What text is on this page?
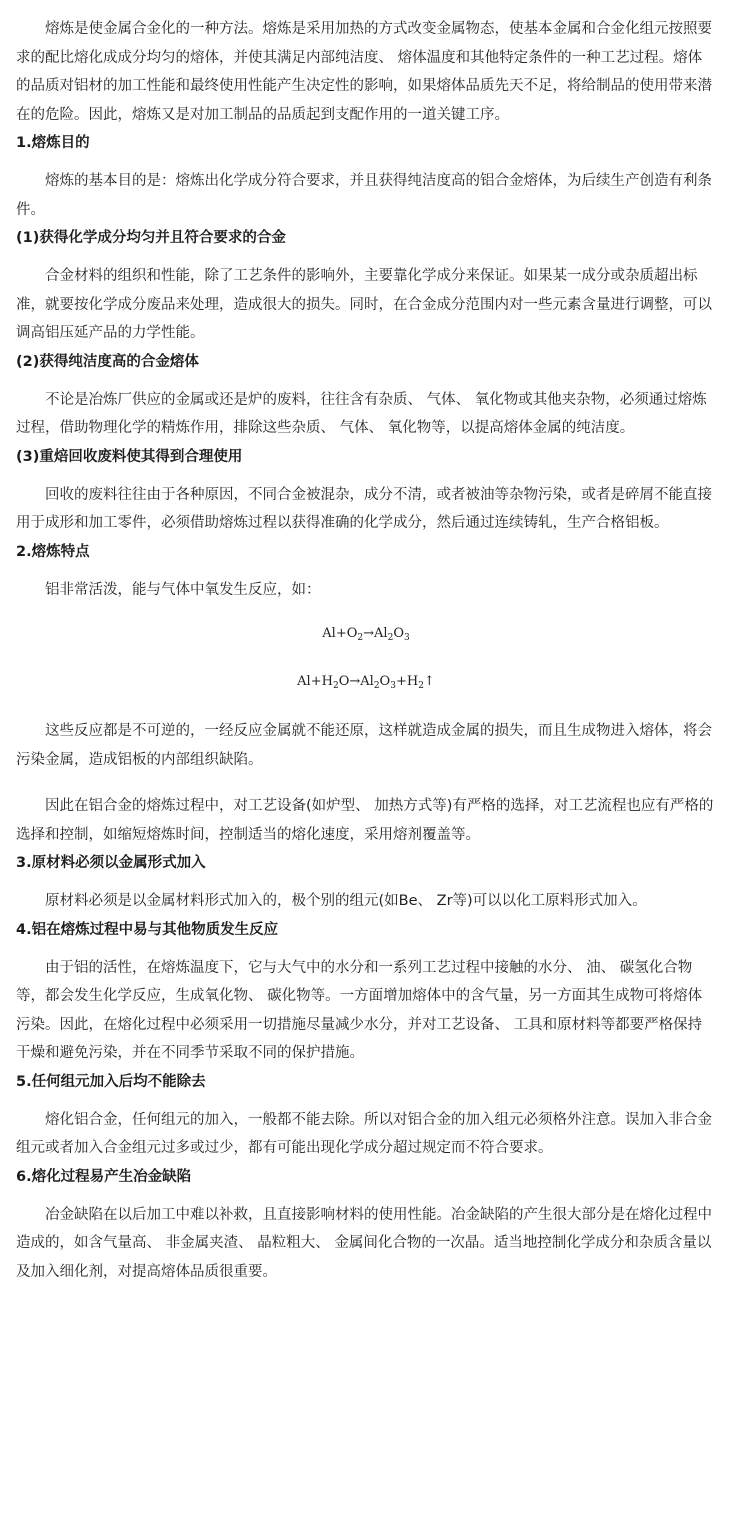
熔炼是使金属合金化的一种方法。熔炼是采用加热的方式改变金属物态，使基本金属和合金化组元按照要求的配比熔化成成分均匀的熔体，并使其满足内部纯洁度、 熔体温度和其他特定条件的一种工艺过程。熔体的品质对铝材的加工性能和最终使用性能产生决定性的影响，如果熔体品质先天不足，将给制品的使用带来潜在的危险。因此，熔炼又是对加工制品的品质起到支配作用的一道关键工序。

1.熔炼目的

熔炼的基本目的是：熔炼出化学成分符合要求，并且获得纯洁度高的铝合金熔体，为后续生产创造有利条件。

(1)获得化学成分均匀并且符合要求的合金

合金材料的组织和性能，除了工艺条件的影响外，主要靠化学成分来保证。如果某一成分或杂质超出标准，就要按化学成分废品来处理，造成很大的损失。同时，在合金成分范围内对一些元素含量进行调整，可以调高铝压延产品的力学性能。

(2)获得纯洁度高的合金熔体

不论是冶炼厂供应的金属或还是炉的废料，往往含有杂质、 气体、 氧化物或其他夹杂物，必须通过熔炼过程，借助物理化学的精炼作用，排除这些杂质、 气体、 氧化物等，以提高熔体金属的纯洁度。

(3)重焙回收废料使其得到合理使用

回收的废料往往由于各种原因，不同合金被混杂，成分不清，或者被油等杂物污染，或者是碎屑不能直接用于成形和加工零件，必须借助熔炼过程以获得准确的化学成分，然后通过连续铸轧，生产合格铝板。

2.熔炼特点

铝非常活泼，能与气体中氧发生反应，如：

$Al+O_2\to Al_2O_3$

$Al+H_2O\to Al_2O_3+H_2↑$

这些反应都是不可逆的，一经反应金属就不能还原，这样就造成金属的损失，而且生成物进入熔体，将会污染金属，造成铝板的内部组织缺陷。

因此在铝合金的熔炼过程中，对工艺设备(如炉型、 加热方式等)有严格的选择，对工艺流程也应有严格的选择和控制，如缩短熔炼时间，控制适当的熔化速度，采用熔剂覆盖等。

3.原材料必须以金属形式加入

原材料必须是以金属材料形式加入的，极个别的组元(如Be、 Zr等)可以以化工原料形式加入。

4.铝在熔炼过程中易与其他物质发生反应

由于铝的活性，在熔炼温度下，它与大气中的水分和一系列工艺过程中接触的水分、 油、 碳氢化合物等，都会发生化学反应，生成氧化物、 碳化物等。一方面增加熔体中的含气量，另一方面其生成物可将熔体污染。因此，在熔化过程中必须采用一切措施尽量减少水分，并对工艺设备、 工具和原材料等都要严格保持干燥和避免污染，并在不同季节采取不同的保护措施。

5.任何组元加入后均不能除去

熔化铝合金，任何组元的加入，一般都不能去除。所以对铝合金的加入组元必须格外注意。误加入非合金组元或者加入合金组元过多或过少，都有可能出现化学成分超过规定而不符合要求。

6.熔化过程易产生冶金缺陷

冶金缺陷在以后加工中难以补救，且直接影响材料的使用性能。冶金缺陷的产生很大部分是在熔化过程中造成的，如含气量高、 非金属夹渣、 晶粒粗大、 金属间化合物的一次晶。适当地控制化学成分和杂质含量以及加入细化剂，对提高熔体品质很重要。
